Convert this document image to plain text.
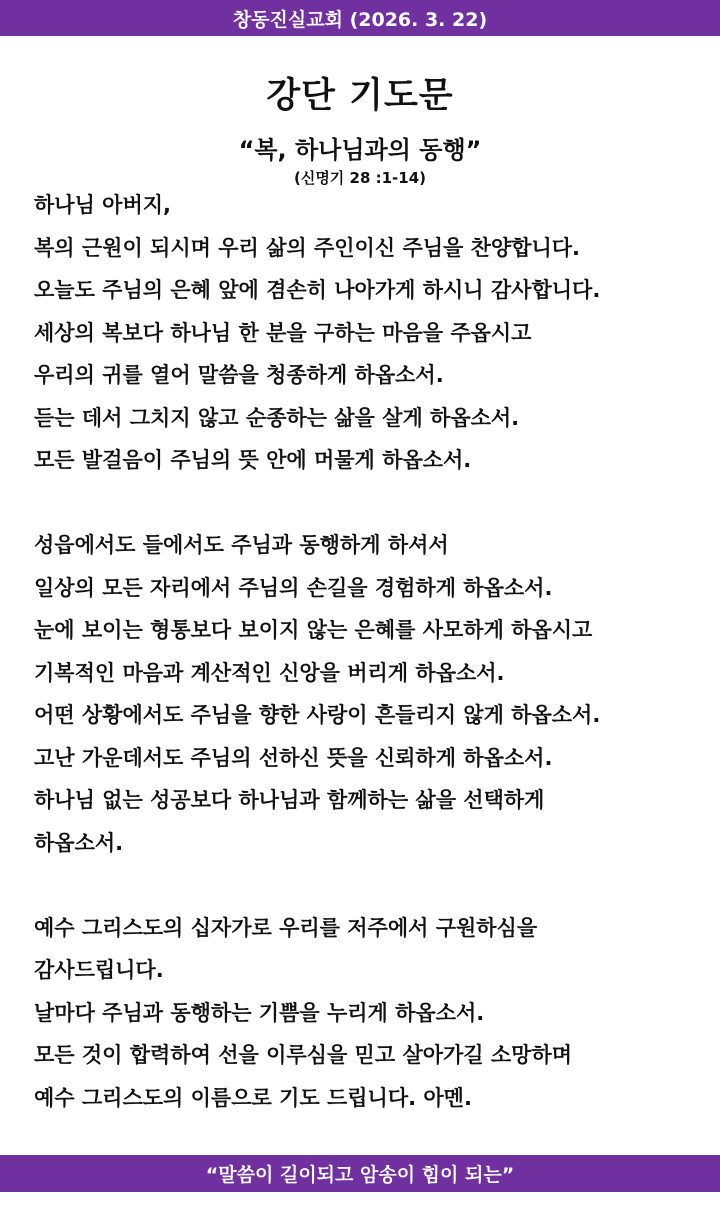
창동진실교회 (2026. 3. 22)
강단 기도문
“복, 하나님과의 동행”
(신명기 28 :1-14)
하나님 아버지,
복의 근원이 되시며 우리 삶의 주인이신 주님을 찬양합니다.
오늘도 주님의 은혜 앞에 겸손히 나아가게 하시니 감사합니다.
세상의 복보다 하나님 한 분을 구하는 마음을 주옵시고
우리의 귀를 열어 말씀을 청종하게 하옵소서.
듣는 데서 그치지 않고 순종하는 삶을 살게 하옵소서.
모든 발걸음이 주님의 뜻 안에 머물게 하옵소서.
성읍에서도 들에서도 주님과 동행하게 하셔서
일상의 모든 자리에서 주님의 손길을 경험하게 하옵소서.
눈에 보이는 형통보다 보이지 않는 은혜를 사모하게 하옵시고
기복적인 마음과 계산적인 신앙을 버리게 하옵소서.
어떤 상황에서도 주님을 향한 사랑이 흔들리지 않게 하옵소서.
고난 가운데서도 주님의 선하신 뜻을 신뢰하게 하옵소서.
하나님 없는 성공보다 하나님과 함께하는 삶을 선택하게
하옵소서.
예수 그리스도의 십자가로 우리를 저주에서 구원하심을
감사드립니다.
날마다 주님과 동행하는 기쁨을 누리게 하옵소서.
모든 것이 합력하여 선을 이루심을 믿고 살아가길 소망하며
예수 그리스도의 이름으로 기도 드립니다. 아멘.
“말씀이 길이되고 암송이 힘이 되는”
